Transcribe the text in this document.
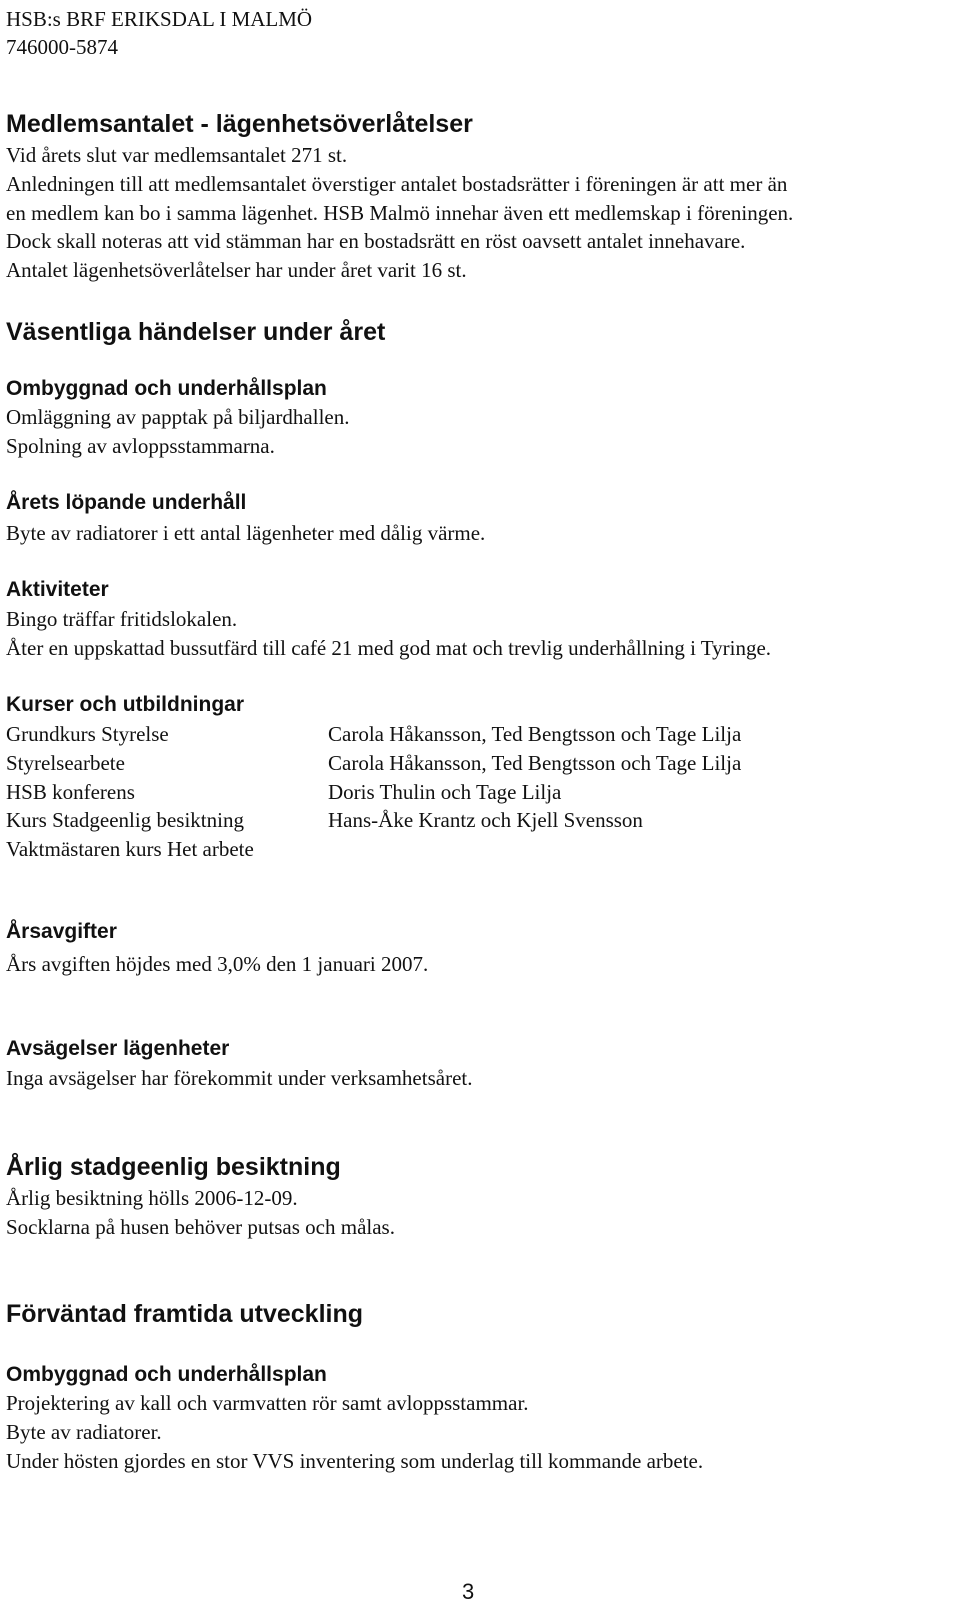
HSB:s BRF ERIKSDAL I MALMÖ
746000-5874
Medlemsantalet - lägenhetsöverlåtelser
Vid årets slut var medlemsantalet 271 st.
Anledningen till att medlemsantalet överstiger antalet bostadsrätter i föreningen är att mer än
en medlem kan bo i samma lägenhet. HSB Malmö innehar även ett medlemskap i föreningen.
Dock skall noteras att vid stämman har en bostadsrätt en röst oavsett antalet innehavare.
Antalet lägenhetsöverlåtelser har under året varit 16 st.
Väsentliga händelser under året
Ombyggnad och underhållsplan
Omläggning av papptak på biljardhallen.
Spolning av avloppsstammarna.
Årets löpande underhåll
Byte av radiatorer i ett antal lägenheter med dålig värme.
Aktiviteter
Bingo träffar fritidslokalen.
Åter en uppskattad bussutfärd till café 21 med god mat och trevlig underhållning i Tyringe.
Kurser och utbildningar
Grundkurs Styrelse	Carola Håkansson, Ted Bengtsson och Tage Lilja
Styrelsearbete	Carola Håkansson, Ted Bengtsson och Tage Lilja
HSB konferens	Doris Thulin och Tage Lilja
Kurs Stadgeenlig besiktning	Hans-Åke Krantz och Kjell Svensson
Vaktmästaren kurs Het arbete
Årsavgifter
Års avgiften höjdes med 3,0% den 1 januari 2007.
Avsägelser lägenheter
Inga avsägelser har förekommit under verksamhetsåret.
Årlig stadgeenlig besiktning
Årlig besiktning hölls 2006-12-09.
Socklarna på husen behöver putsas och målas.
Förväntad framtida utveckling
Ombyggnad och underhållsplan
Projektering av kall och varmvatten rör samt avloppsstammar.
Byte av radiatorer.
Under hösten gjordes en stor VVS inventering som underlag till kommande arbete.
3
